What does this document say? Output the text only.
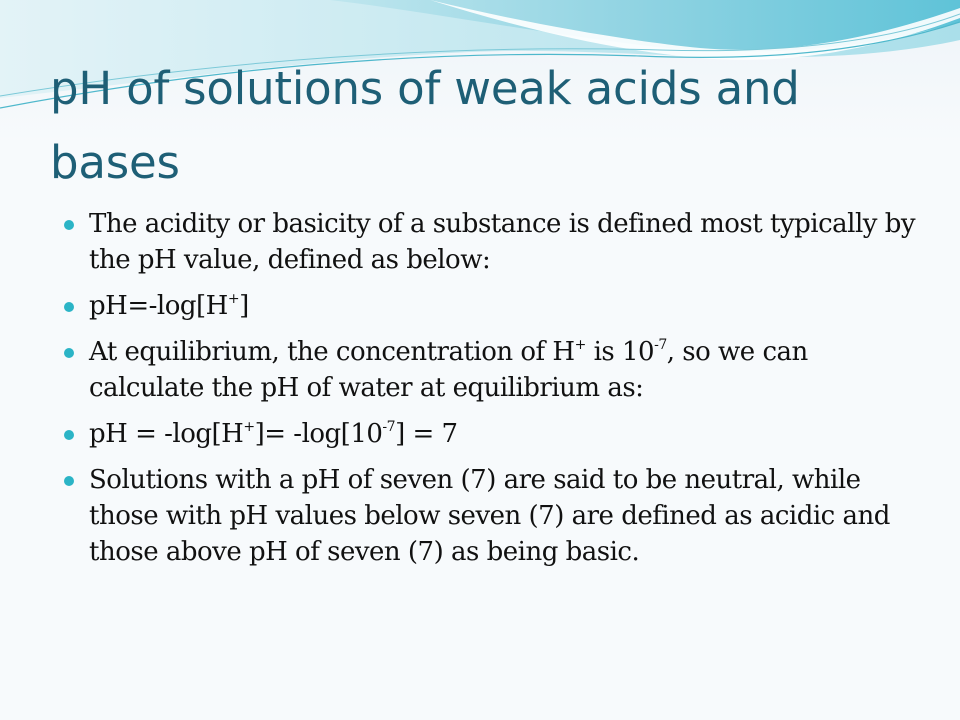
pH of solutions of weak acids and bases
The acidity or basicity of a substance is defined most typically by the pH value, defined as below:
pH=-log[H+]
At equilibrium, the concentration of H+ is $10^{-7}$, so we can calculate the pH of water at equilibrium as:
pH = $-\log[H^+]= -\log[10^{-7}] = 7$
Solutions with a pH of seven (7) are said to be neutral, while those with pH values below seven (7) are defined as acidic and those above pH of seven (7) as being basic.
